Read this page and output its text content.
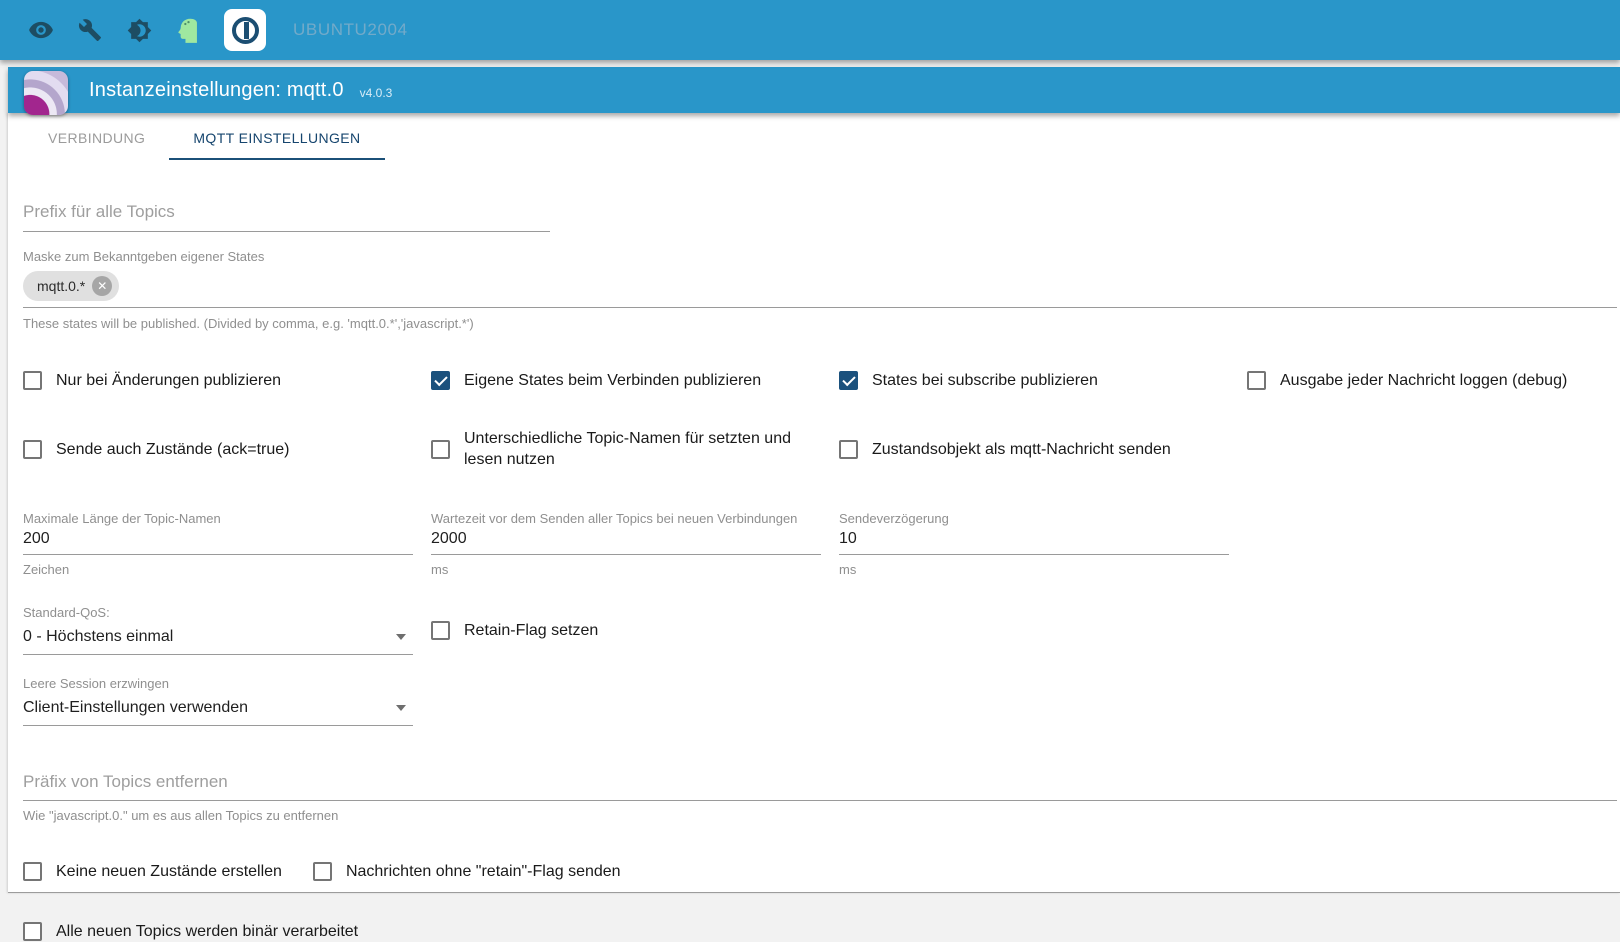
UBUNTU2004
Instanzeinstellungen: mqtt.0 v4.0.3
VERBINDUNG	MQTT EINSTELLUNGEN
Prefix für alle Topics
Maske zum Bekanntgeben eigener States
mqtt.0.* ✕
These states will be published. (Divided by comma, e.g. 'mqtt.0.*','javascript.*')
Nur bei Änderungen publizieren	Eigene States beim Verbinden publizieren	States bei subscribe publizieren	Ausgabe jeder Nachricht loggen (debug)
Sende auch Zustände (ack=true)
Unterschiedliche Topic-Namen für setzten und lesen nutzen
Zustandsobjekt als mqtt-Nachricht senden
Maximale Länge der Topic-Namen
200
Zeichen
Wartezeit vor dem Senden aller Topics bei neuen Verbindungen
2000
ms
Sendeverzögerung
10
ms
Standard-QoS:
0 - Höchstens einmal	Retain-Flag setzen
Leere Session erzwingen
Client-Einstellungen verwenden
Präfix von Topics entfernen
Wie "javascript.0." um es aus allen Topics zu entfernen
Keine neuen Zustände erstellen	Nachrichten ohne "retain"-Flag senden
Alle neuen Topics werden binär verarbeitet
